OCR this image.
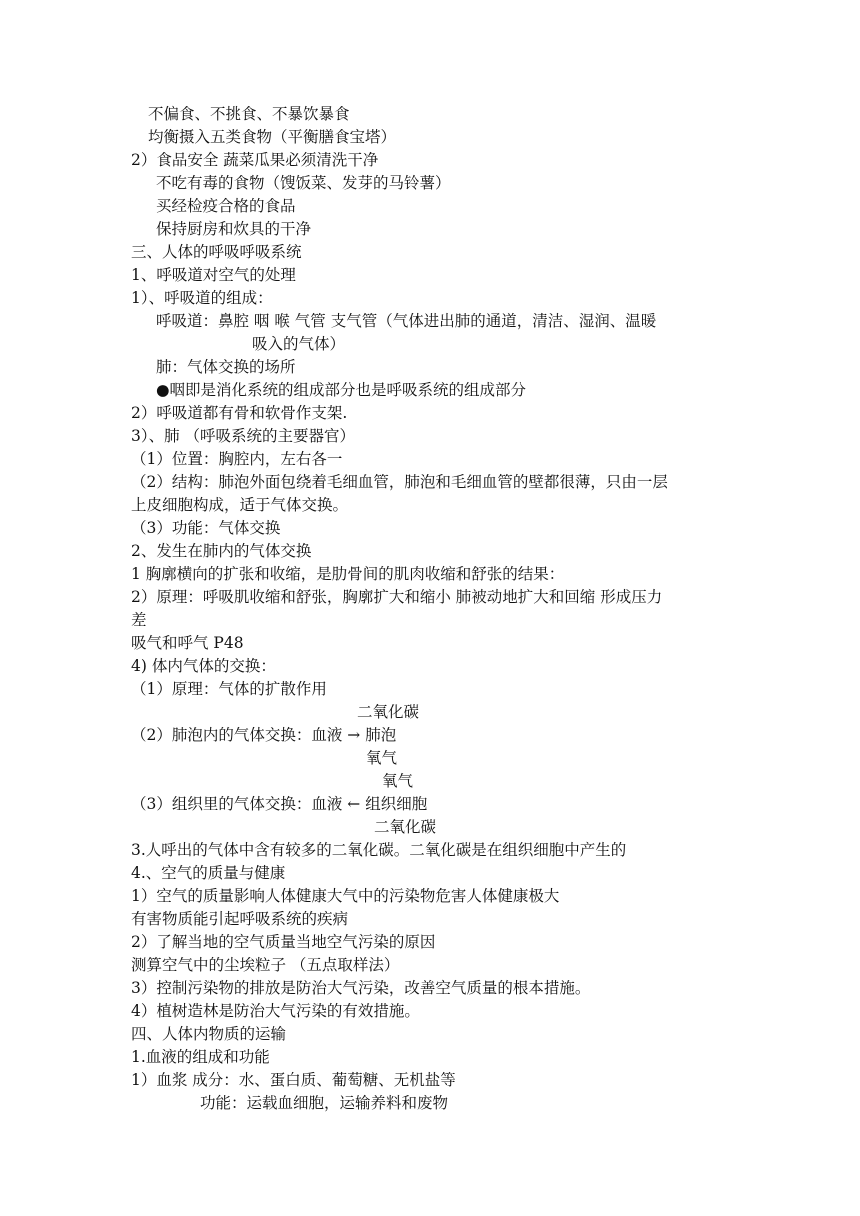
不偏食、不挑食、不暴饮暴食
均衡摄入五类食物（平衡膳食宝塔）
2）食品安全 蔬菜瓜果必须清洗干净
不吃有毒的食物（馊饭菜、发芽的马铃薯）
买经检疫合格的食品
保持厨房和炊具的干净
三、人体的呼吸呼吸系统
1、呼吸道对空气的处理
1）、呼吸道的组成：
呼吸道：鼻腔 咽 喉 气管 支气管（气体进出肺的通道，清洁、湿润、温暖
吸入的气体）
肺：气体交换的场所
●咽即是消化系统的组成部分也是呼吸系统的组成部分
2）呼吸道都有骨和软骨作支架.
3）、肺 （呼吸系统的主要器官）
（1）位置：胸腔内，左右各一
（2）结构：肺泡外面包绕着毛细血管，肺泡和毛细血管的壁都很薄，只由一层
上皮细胞构成，适于气体交换。
（3）功能：气体交换
2、发生在肺内的气体交换
1 胸廓横向的扩张和收缩，是肋骨间的肌肉收缩和舒张的结果：
2）原理：呼吸肌收缩和舒张，胸廓扩大和缩小 肺被动地扩大和回缩 形成压力
差
吸气和呼气 P48
4) 体内气体的交换：
（1）原理：气体的扩散作用
二氧化碳
（2）肺泡内的气体交换：血液 → 肺泡
氧气
氧气
（3）组织里的气体交换：血液 ← 组织细胞
二氧化碳
3.人呼出的气体中含有较多的二氧化碳。二氧化碳是在组织细胞中产生的
4.、空气的质量与健康
1）空气的质量影响人体健康大气中的污染物危害人体健康极大
有害物质能引起呼吸系统的疾病
2）了解当地的空气质量当地空气污染的原因
测算空气中的尘埃粒子 （五点取样法）
3）控制污染物的排放是防治大气污染，改善空气质量的根本措施。
4）植树造林是防治大气污染的有效措施。
四、人体内物质的运输
1.血液的组成和功能
1）血浆 成分：水、蛋白质、葡萄糖、无机盐等
功能：运载血细胞，运输养料和废物
